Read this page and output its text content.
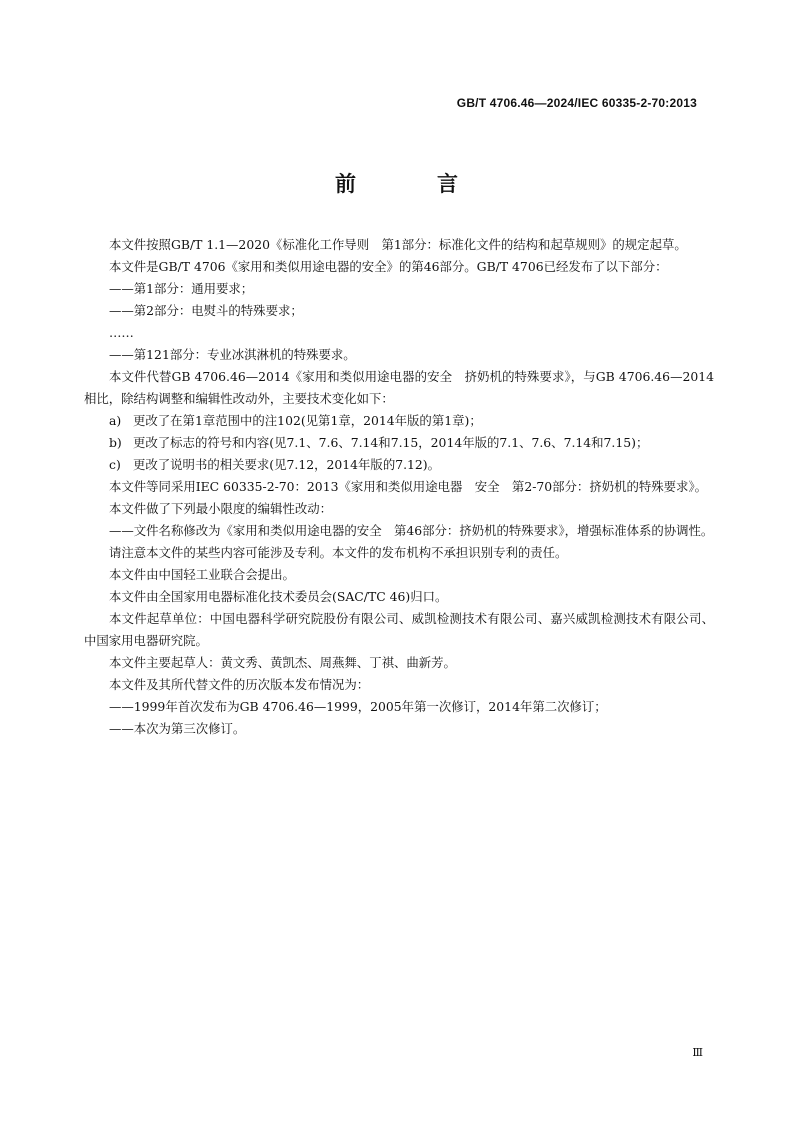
GB/T 4706.46—2024/IEC 60335-2-70:2013
前　言

本文件按照GB/T 1.1—2020《标准化工作导则　第1部分：标准化文件的结构和起草规则》的规定起草。

本文件是GB/T 4706《家用和类似用途电器的安全》的第46部分。GB/T 4706已经发布了以下部分：

——第1部分：通用要求；

——第2部分：电熨斗的特殊要求；

……

——第121部分：专业冰淇淋机的特殊要求。

本文件代替GB 4706.46—2014《家用和类似用途电器的安全　挤奶机的特殊要求》，与GB 4706.46—2014相比，除结构调整和编辑性改动外，主要技术变化如下：

a) 更改了在第1章范围中的注102(见第1章，2014年版的第1章)；
b) 更改了标志的符号和内容(见7.1、7.6、7.14和7.15，2014年版的7.1、7.6、7.14和7.15)；
c) 更改了说明书的相关要求(见7.12，2014年版的7.12)。

本文件等同采用IEC 60335-2-70：2013《家用和类似用途电器　安全　第2-70部分：挤奶机的特殊要求》。

本文件做了下列最小限度的编辑性改动：

——文件名称修改为《家用和类似用途电器的安全　第46部分：挤奶机的特殊要求》，增强标准体系的协调性。

请注意本文件的某些内容可能涉及专利。本文件的发布机构不承担识别专利的责任。

本文件由中国轻工业联合会提出。

本文件由全国家用电器标准化技术委员会(SAC/TC 46)归口。

本文件起草单位：中国电器科学研究院股份有限公司、威凯检测技术有限公司、嘉兴威凯检测技术有限公司、中国家用电器研究院。

本文件主要起草人：黄文秀、黄凯杰、周燕舞、丁祺、曲新芳。

本文件及其所代替文件的历次版本发布情况为：

——1999年首次发布为GB 4706.46—1999，2005年第一次修订，2014年第二次修订；

——本次为第三次修订。

Ⅲ
